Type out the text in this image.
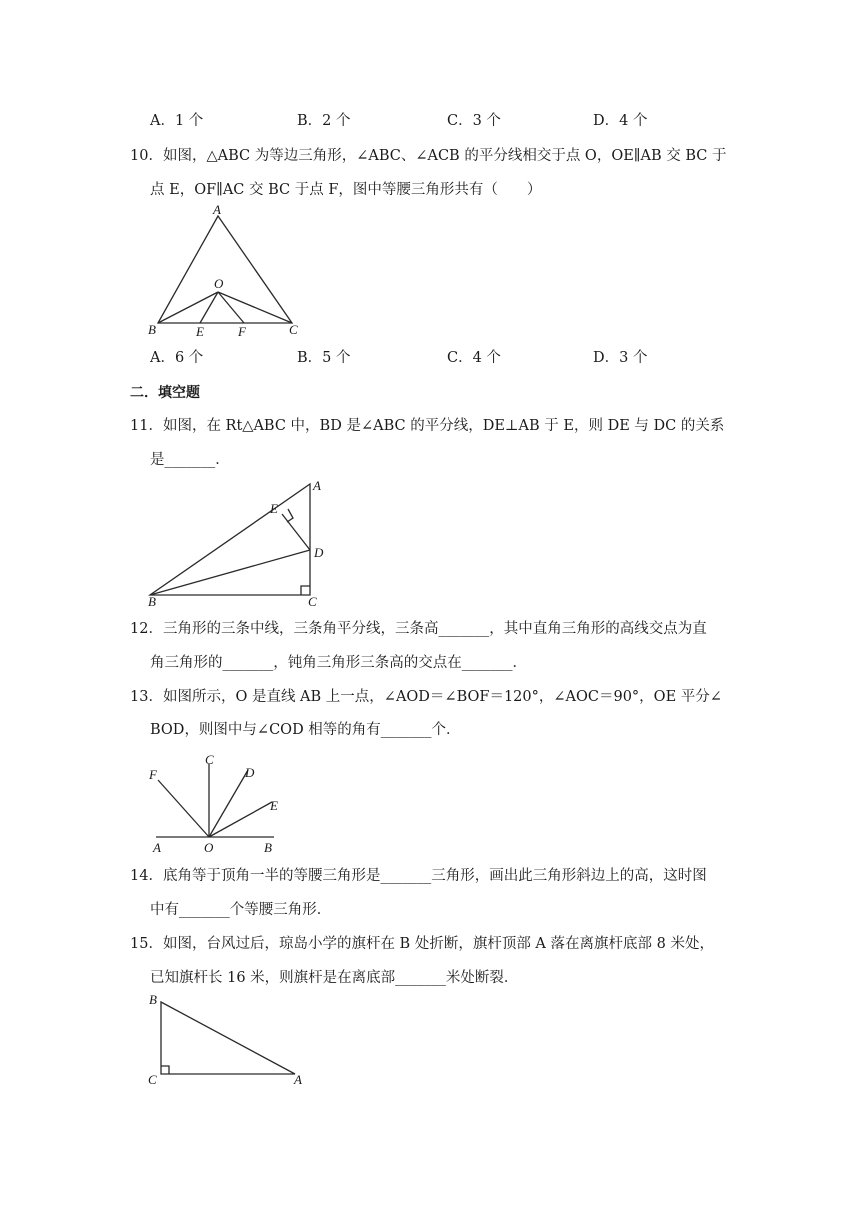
A．1 个	B．2 个	C．3 个	D．4 个
10．如图，△ABC 为等边三角形，∠ABC、∠ACB 的平分线相交于点 O，OE∥AB 交 BC 于
点 E，OF∥AC 交 BC 于点 F，图中等腰三角形共有（　　）
A
O
B	E	F	C
A．6 个	B．5 个	C．4 个	D．3 个
二．填空题
11．如图，在 Rt△ABC 中，BD 是∠ABC 的平分线，DE⊥AB 于 E，则 DE 与 DC 的关系
是_______．
A
E
D
B	C
12．三角形的三条中线，三条角平分线，三条高_______，其中直角三角形的高线交点为直
角三角形的_______，钝角三角形三条高的交点在_______．
13．如图所示，O 是直线 AB 上一点，∠AOD＝∠BOF＝120°，∠AOC＝90°，OE 平分∠
BOD，则图中与∠COD 相等的角有_______个．
C
F	D
E
A	O	B
14．底角等于顶角一半的等腰三角形是_______三角形，画出此三角形斜边上的高，这时图
中有_______个等腰三角形．
15．如图，台风过后，琼岛小学的旗杆在 B 处折断，旗杆顶部 A 落在离旗杆底部 8 米处，
已知旗杆长 16 米，则旗杆是在离底部_______米处断裂．
B
C	A
